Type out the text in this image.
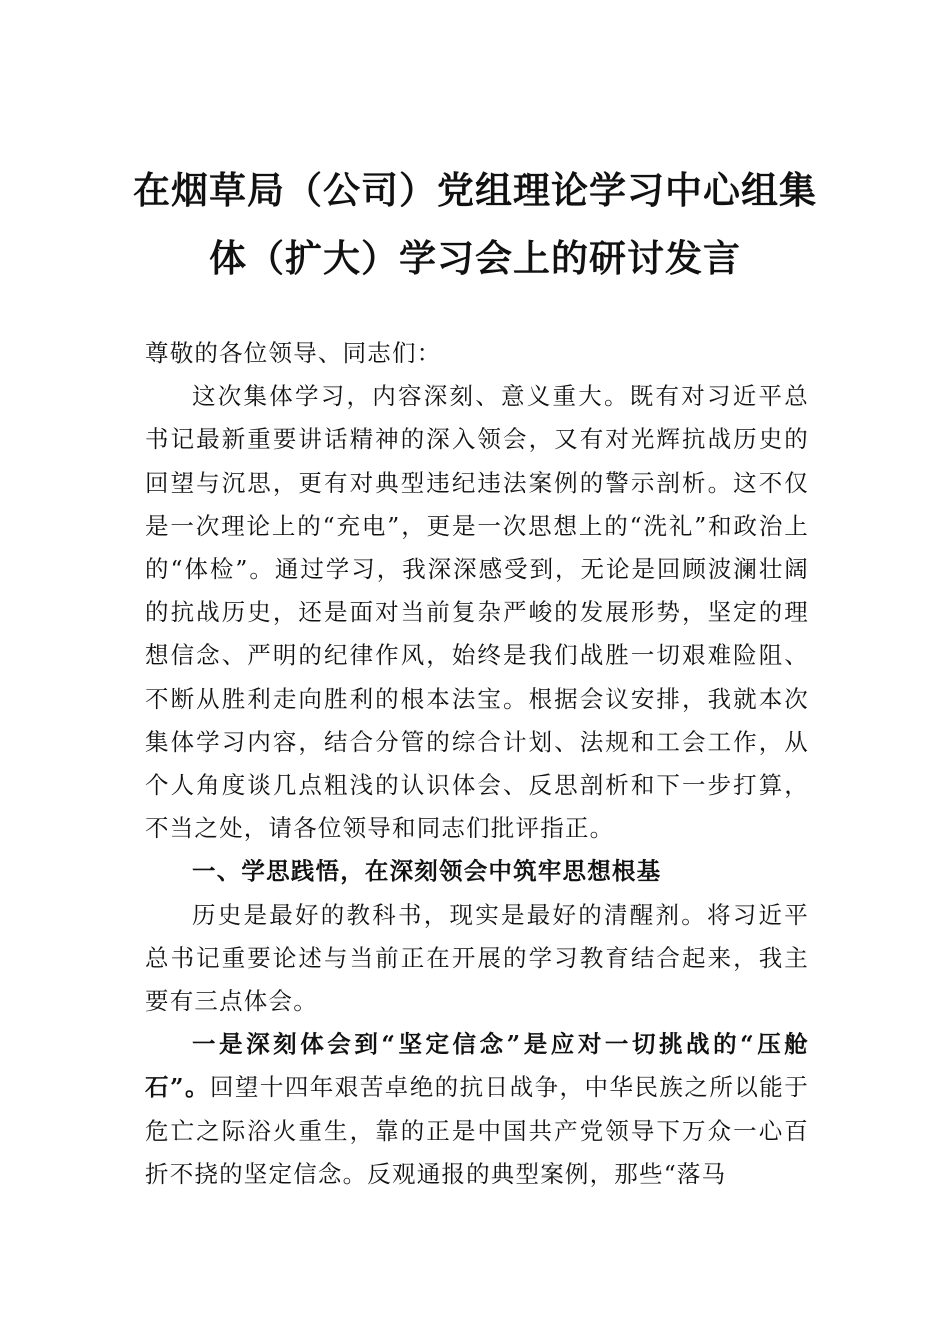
在烟草局（公司）党组理论学习中心组集
体（扩大）学习会上的研讨发言

尊敬的各位领导、同志们：

这次集体学习，内容深刻、意义重大。既有对习近平总书记最新重要讲话精神的深入领会，又有对光辉抗战历史的回望与沉思，更有对典型违纪违法案例的警示剖析。这不仅是一次理论上的“充电”，更是一次思想上的“洗礼”和政治上的“体检”。通过学习，我深深感受到，无论是回顾波澜壮阔的抗战历史，还是面对当前复杂严峻的发展形势，坚定的理想信念、严明的纪律作风，始终是我们战胜一切艰难险阻、不断从胜利走向胜利的根本法宝。根据会议安排，我就本次集体学习内容，结合分管的综合计划、法规和工会工作，从个人角度谈几点粗浅的认识体会、反思剖析和下一步打算，不当之处，请各位领导和同志们批评指正。

一、学思践悟，在深刻领会中筑牢思想根基

历史是最好的教科书，现实是最好的清醒剂。将习近平总书记重要论述与当前正在开展的学习教育结合起来，我主要有三点体会。

一是深刻体会到“坚定信念”是应对一切挑战的“压舱石”。回望十四年艰苦卓绝的抗日战争，中华民族之所以能于危亡之际浴火重生，靠的正是中国共产党领导下万众一心百折不挠的坚定信念。反观通报的典型案例，那些“落马
